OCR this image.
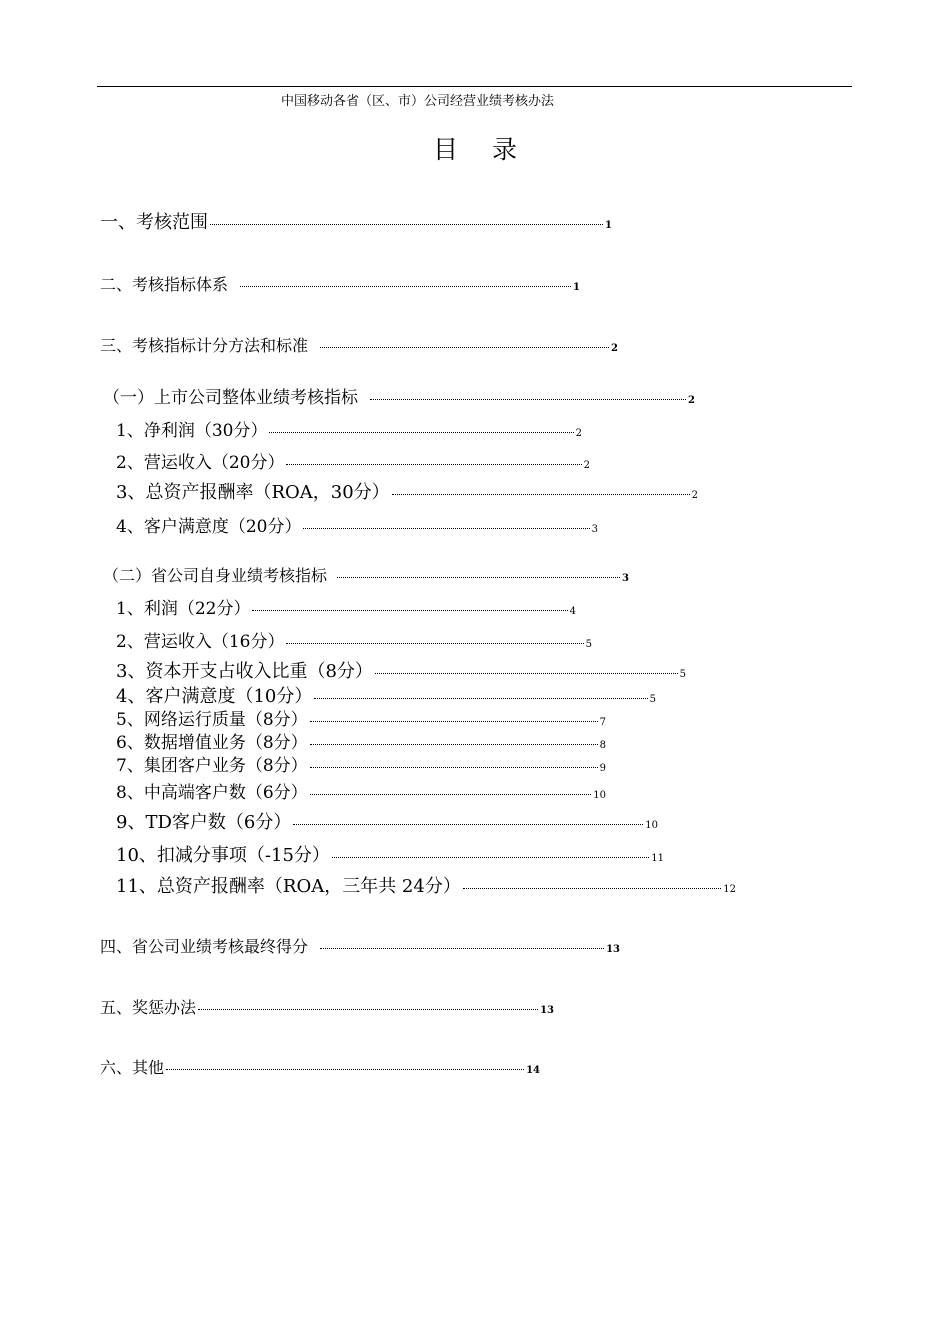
中国移动各省（区、市）公司经营业绩考核办法
目录
一、考核范围	1
二、考核指标体系	1
三、考核指标计分方法和标准	2
（一）上市公司整体业绩考核指标	2
1、净利润（30分）	2
2、营运收入（20分）	2
3、总资产报酬率（ROA，30分）	2
4、客户满意度（20分）	3
（二）省公司自身业绩考核指标	3
1、利润（22分）	4
2、营运收入（16分）	5
3、资本开支占收入比重（8分）	5
4、客户满意度（10分）	5
5、网络运行质量（8分）	7
6、数据增值业务（8分）	8
7、集团客户业务（8分）	9
8、中高端客户数（6分）	10
9、TD客户数（6分）	10
10、扣减分事项（-15分）	11
11、总资产报酬率（ROA，三年共 24分）	12
四、省公司业绩考核最终得分	13
五、奖惩办法	13
六、其他	14
